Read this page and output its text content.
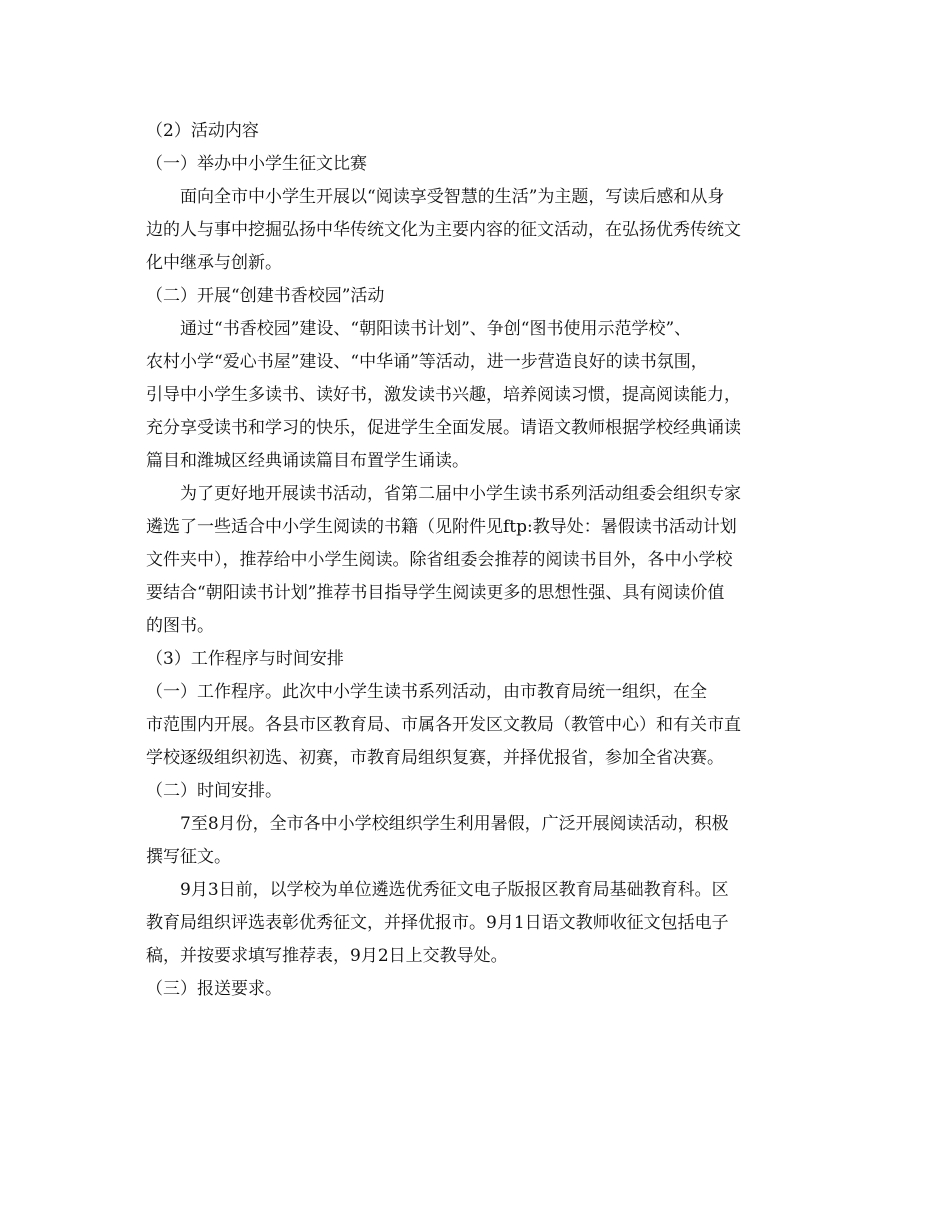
（2）活动内容
（一）举办中小学生征文比赛
　　面向全市中小学生开展以“阅读享受智慧的生活”为主题，写读后感和从身
边的人与事中挖掘弘扬中华传统文化为主要内容的征文活动，在弘扬优秀传统文
化中继承与创新。
（二）开展“创建书香校园”活动
　　通过“书香校园”建设、“朝阳读书计划”、争创“图书使用示范学校”、
农村小学“爱心书屋”建设、“中华诵”等活动，进一步营造良好的读书氛围，
引导中小学生多读书、读好书，激发读书兴趣，培养阅读习惯，提高阅读能力，
充分享受读书和学习的快乐，促进学生全面发展。请语文教师根据学校经典诵读
篇目和潍城区经典诵读篇目布置学生诵读。
　　为了更好地开展读书活动，省第二届中小学生读书系列活动组委会组织专家
遴选了一些适合中小学生阅读的书籍（见附件见ftp:教导处：暑假读书活动计划
文件夹中），推荐给中小学生阅读。除省组委会推荐的阅读书目外，各中小学校
要结合“朝阳读书计划”推荐书目指导学生阅读更多的思想性强、具有阅读价值
的图书。
（3）工作程序与时间安排
（一）工作程序。此次中小学生读书系列活动，由市教育局统一组织，在全
市范围内开展。各县市区教育局、市属各开发区文教局（教管中心）和有关市直
学校逐级组织初选、初赛，市教育局组织复赛，并择优报省，参加全省决赛。
（二）时间安排。
　　7至8月份，全市各中小学校组织学生利用暑假，广泛开展阅读活动，积极
撰写征文。
　　9月3日前，以学校为单位遴选优秀征文电子版报区教育局基础教育科。区
教育局组织评选表彰优秀征文，并择优报市。9月1日语文教师收征文包括电子
稿，并按要求填写推荐表，9月2日上交教导处。
（三）报送要求。
